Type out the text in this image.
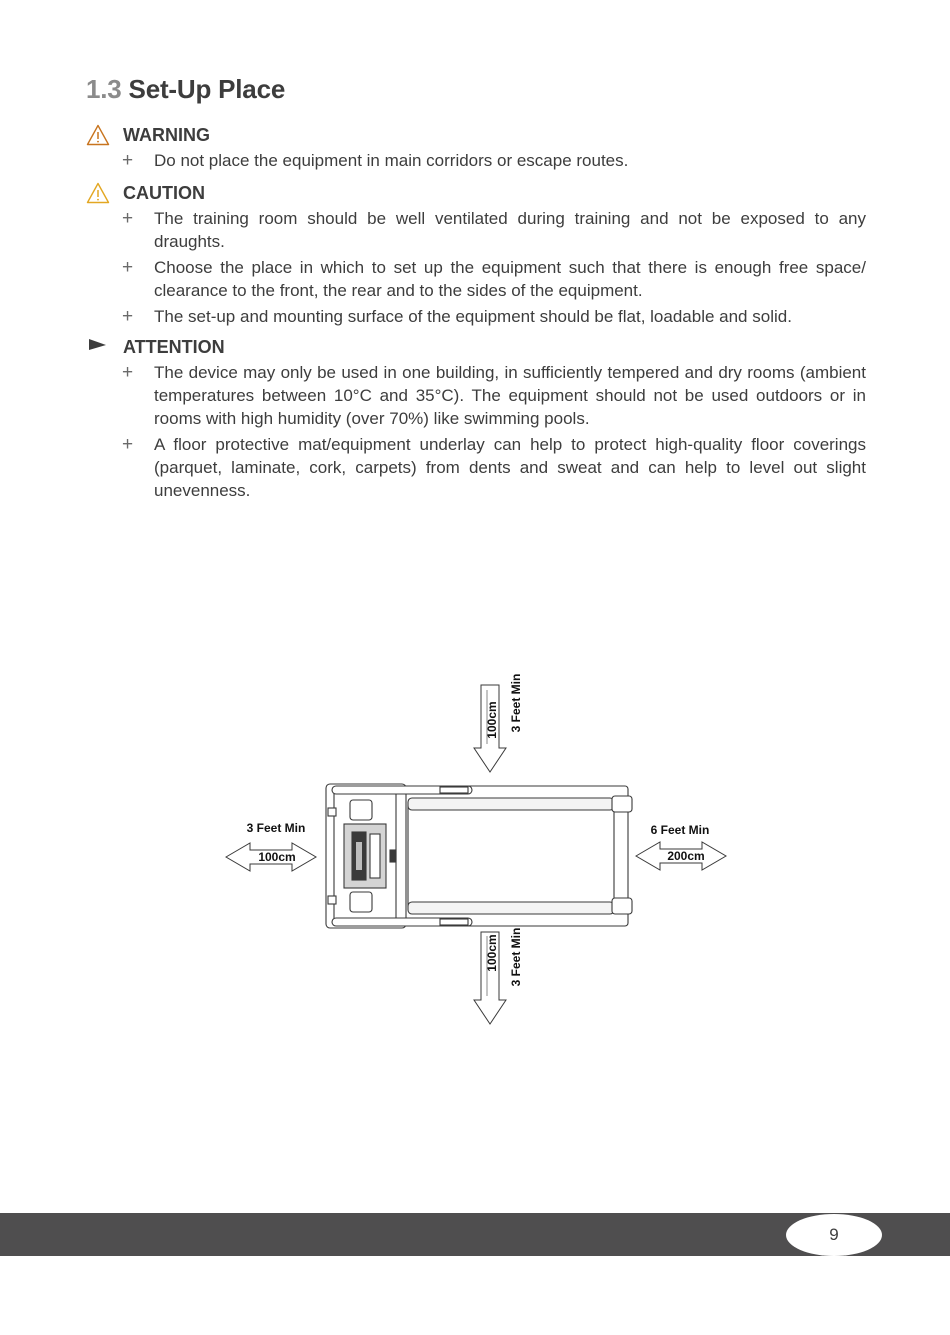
1.3 Set-Up Place
WARNING
+ Do not place the equipment in main corridors or escape routes.
CAUTION
+ The training room should be well ventilated during training and not be exposed to any draughts.
+ Choose the place in which to set up the equipment such that there is enough free space/ clearance to the front, the rear and to the sides of the equipment.
+ The set-up and mounting surface of the equipment should be flat, loadable and solid.
ATTENTION
+ The device may only be used in one building, in sufficiently tempered and dry rooms (ambient temperatures between 10°C and 35°C). The equipment should not be used outdoors or in rooms with high humidity (over 70%) like swimming pools.
+ A floor protective mat/equipment underlay can help to protect high-quality floor coverings (parquet, laminate, cork, carpets) from dents and sweat and can help to level out slight unevenness.
100cm 3 Feet Min
100cm 3 Feet Min
3 Feet Min
100cm
6 Feet Min
200cm
9
